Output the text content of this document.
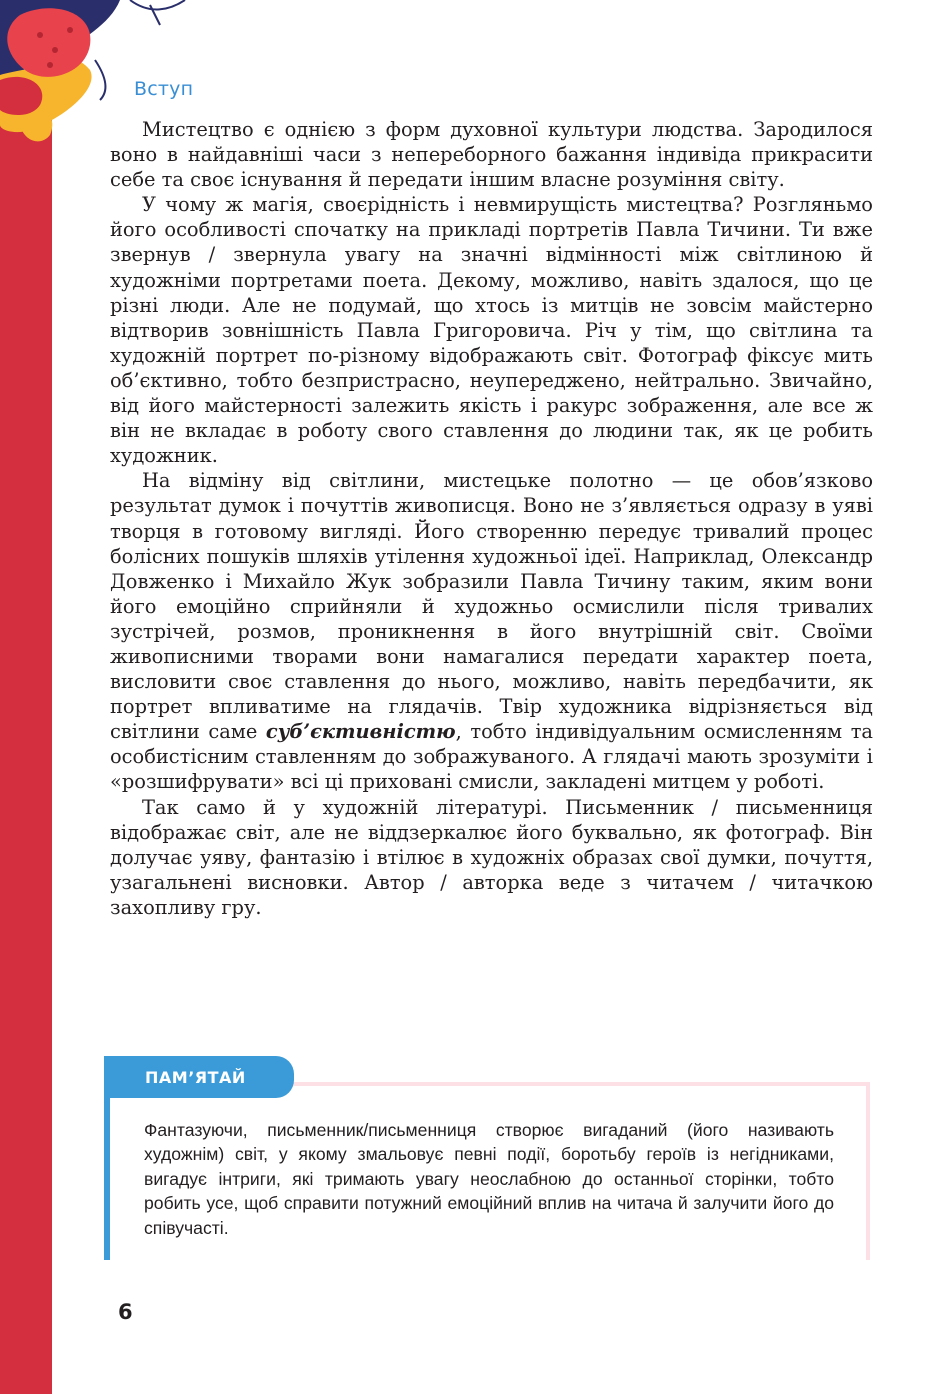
Вступ

Мистецтво є однією з форм духовної культури людства. Зародилося воно в найдавніші часи з непереборного бажання індивіда прикрасити себе та своє існування й передати іншим власне розуміння світу.

У чому ж магія, своєрідність і невмирущість мистецтва? Розгляньмо його особливості спочатку на прикладі портретів Павла Тичини. Ти вже звернув / звернула увагу на значні відмінності між світлиною й художніми портретами поета. Декому, можливо, навіть здалося, що це різні люди. Але не подумай, що хтось із митців не зовсім майстерно відтворив зовнішність Павла Григоровича. Річ у тім, що світлина та художній портрет по-різному відображають світ. Фотограф фіксує мить об’єктивно, тобто безпристрасно, неупереджено, нейтрально. Звичайно, від його майстерності залежить якість і ракурс зображення, але все ж він не вкладає в роботу свого ставлення до людини так, як це робить художник.

На відміну від світлини, мистецьке полотно — це обов’язково результат думок і почуттів живописця. Воно не з’являється одразу в уяві творця в готовому вигляді. Його створенню передує тривалий процес болісних пошуків шляхів утілення художньої ідеї. Наприклад, Олександр Довженко і Михайло Жук зобразили Павла Тичину таким, яким вони його емоційно сприйняли й художньо осмислили після тривалих зустрічей, розмов, проникнення в його внутрішній світ. Своїми живописними творами вони намагалися передати характер поета, висловити своє ставлення до нього, можливо, навіть передбачити, як портрет впливатиме на глядачів. Твір художника відрізняється від світлини саме суб’єктивністю, тобто індивідуальним осмисленням та особистісним ставленням до зображуваного. А глядачі мають зрозуміти і «розшифрувати» всі ці приховані смисли, закладені митцем у роботі.

Так само й у художній літературі. Письменник / письменниця відображає світ, але не віддзеркалює його буквально, як фотограф. Він долучає уяву, фантазію і втілює в художніх образах свої думки, почуття, узагальнені висновки. Автор / авторка веде з читачем / читачкою захопливу гру.

ПАМ’ЯТАЙ
Фантазуючи, письменник/письменниця створює вигаданий (його називають художнім) світ, у якому змальовує певні події, боротьбу героїв із негідниками, вигадує інтриги, які тримають увагу неослабною до останньої сторінки, тобто робить усе, щоб справити потужний емоційний вплив на читача й залучити його до співучасті.
6
